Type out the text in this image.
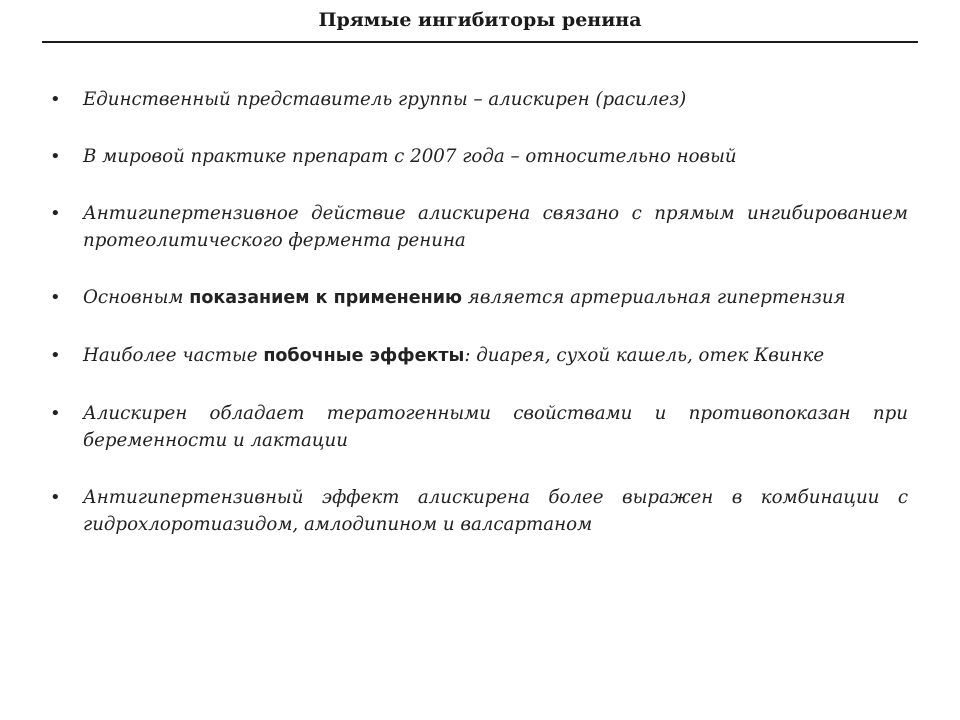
Прямые ингибиторы ренина
• Единственный представитель группы – алискирен (расилез)
• В мировой практике препарат с 2007 года – относительно новый
• Антигипертензивное действие алискирена связано с прямым ингибированием протеолитического фермента ренина
• Основным показанием к применению является артериальная гипертензия
• Наиболее частые побочные эффекты: диарея, сухой кашель, отек Квинке
• Алискирен обладает тератогенными свойствами и противопоказан при беременности и лактации
• Антигипертензивный эффект алискирена более выражен в комбинации с гидрохлоротиазидом, амлодипином и валсартаном
